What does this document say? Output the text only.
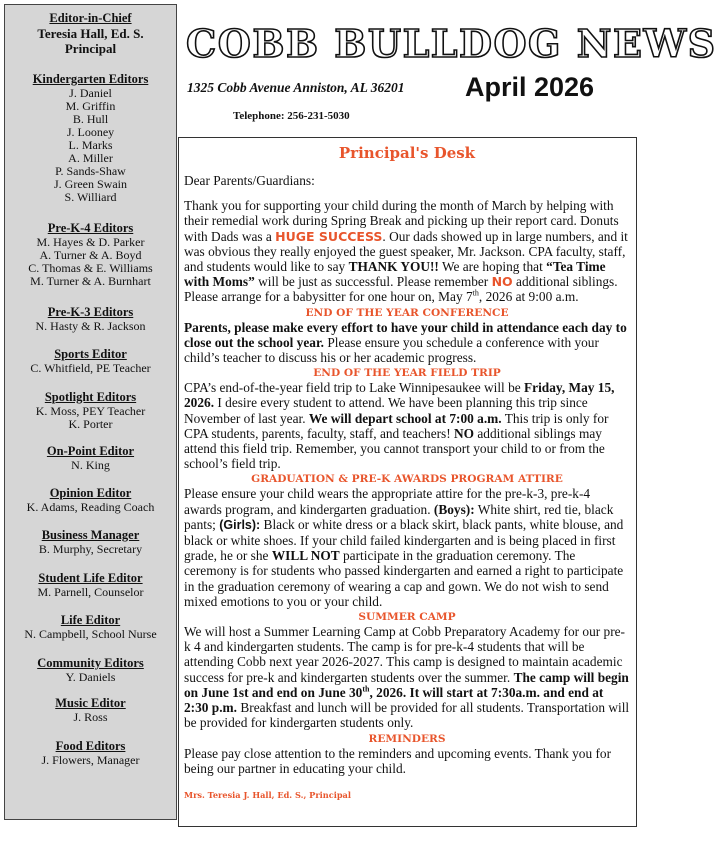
Editor-in-Chief
Teresia Hall, Ed. S.
Principal
Kindergarten Editors
J. Daniel
M. Griffin
B. Hull
J. Looney
L. Marks
A. Miller
P. Sands-Shaw
J. Green Swain
S. Williard
Pre-K-4 Editors
M. Hayes & D. Parker
A. Turner & A. Boyd
C. Thomas & E. Williams
M. Turner & A. Burnhart
Pre-K-3 Editors
N. Hasty & R. Jackson
Sports Editor
C. Whitfield, PE Teacher
Spotlight Editors
K. Moss, PEY Teacher
K. Porter
On-Point Editor
N. King
Opinion Editor
K. Adams, Reading Coach
Business Manager
B. Murphy, Secretary
Student Life Editor
M. Parnell, Counselor
Life Editor
N. Campbell, School Nurse
Community Editors
Y. Daniels
Music Editor
J. Ross
Food Editors
J. Flowers, Manager
COBB BULLDOG NEWS
1325 Cobb Avenue Anniston, AL 36201 April 2026
Telephone: 256-231-5030
Principal's Desk

Dear Parents/Guardians:

Thank you for supporting your child during the month of March by helping with their remedial work during Spring Break and picking up their report card. Donuts with Dads was a HUGE SUCCESS. Our dads showed up in large numbers, and it was obvious they really enjoyed the guest speaker, Mr. Jackson. CPA faculty, staff, and students would like to say THANK YOU!! We are hoping that “Tea Time with Moms” will be just as successful. Please remember NO additional siblings. Please arrange for a babysitter for one hour on, May 7th, 2026 at 9:00 a.m.

END OF THE YEAR CONFERENCE

Parents, please make every effort to have your child in attendance each day to close out the school year. Please ensure you schedule a conference with your child’s teacher to discuss his or her academic progress.

END OF THE YEAR FIELD TRIP

CPA’s end-of-the-year field trip to Lake Winnipesaukee will be Friday, May 15, 2026. I desire every student to attend. We have been planning this trip since November of last year. We will depart school at 7:00 a.m. This trip is only for CPA students, parents, faculty, staff, and teachers! NO additional siblings may attend this field trip. Remember, you cannot transport your child to or from the school’s field trip.

GRADUATION & PRE-K AWARDS PROGRAM ATTIRE

Please ensure your child wears the appropriate attire for the pre-k-3, pre-k-4 awards program, and kindergarten graduation. (Boys): White shirt, red tie, black pants; (Girls): Black or white dress or a black skirt, black pants, white blouse, and black or white shoes. If your child failed kindergarten and is being placed in first grade, he or she WILL NOT participate in the graduation ceremony. The ceremony is for students who passed kindergarten and earned a right to participate in the graduation ceremony of wearing a cap and gown. We do not wish to send mixed emotions to you or your child.

SUMMER CAMP

We will host a Summer Learning Camp at Cobb Preparatory Academy for our pre-k 4 and kindergarten students. The camp is for pre-k-4 students that will be attending Cobb next year 2026-2027. This camp is designed to maintain academic success for pre-k and kindergarten students over the summer. The camp will begin on June 1st and end on June 30th, 2026. It will start at 7:30a.m. and end at 2:30 p.m. Breakfast and lunch will be provided for all students. Transportation will be provided for kindergarten students only.

REMINDERS

Please pay close attention to the reminders and upcoming events. Thank you for being our partner in educating your child.

Mrs. Teresia J. Hall, Ed. S., Principal
